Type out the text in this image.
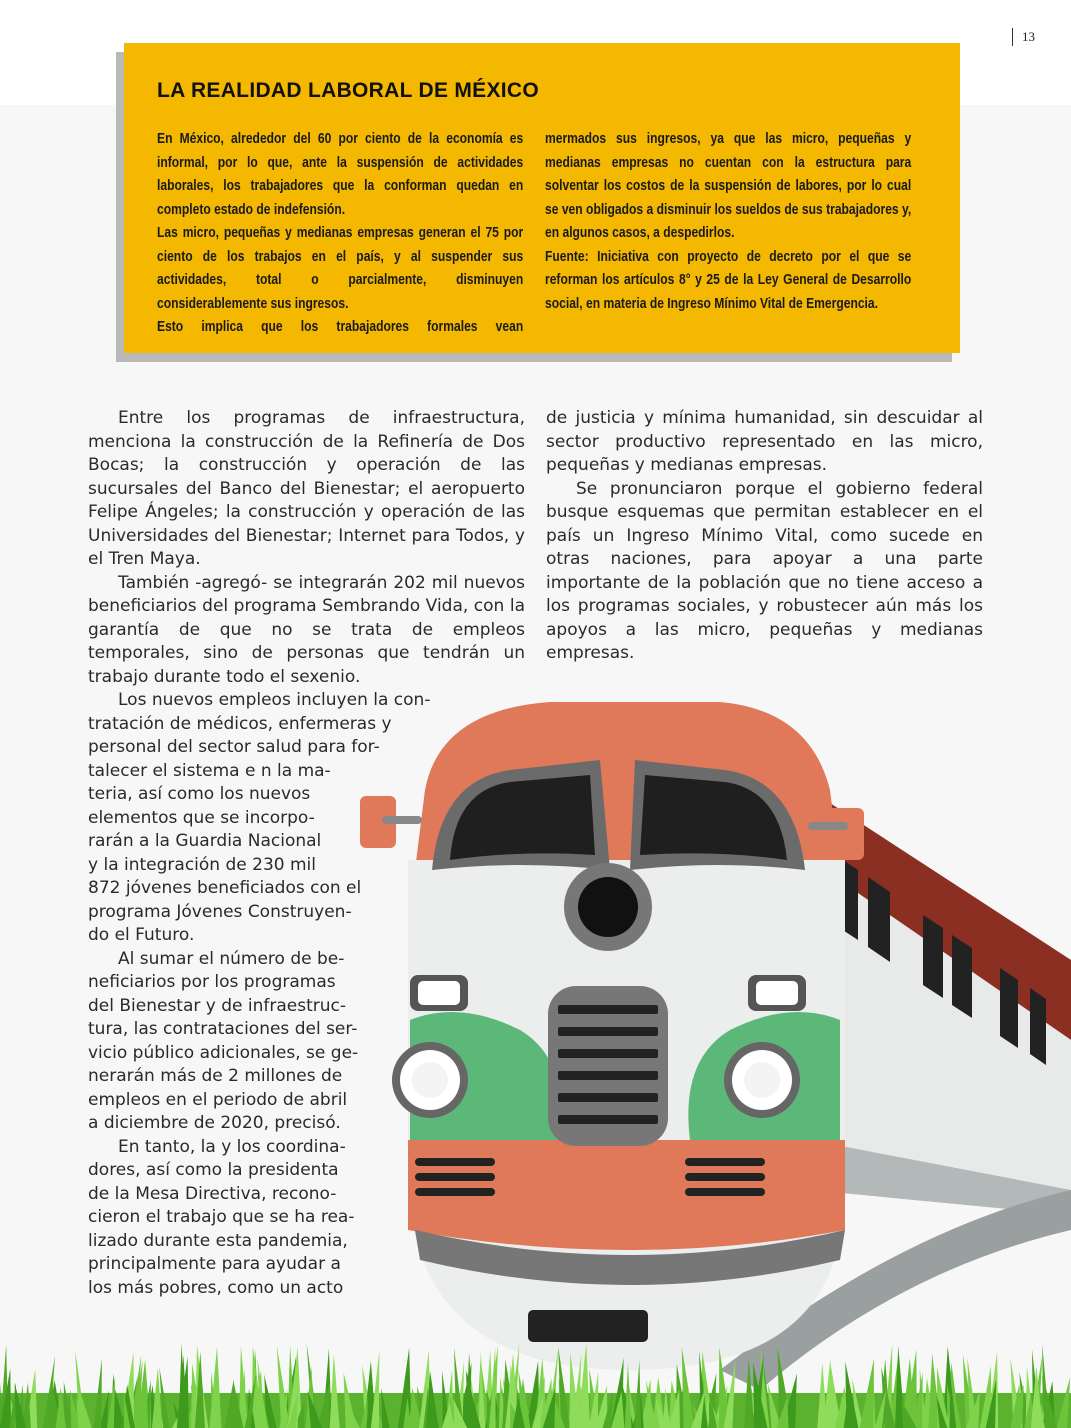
13
LA REALIDAD LABORAL DE MÉXICO

En México, alrededor del 60 por ciento de la economía es informal, por lo que, ante la suspensión de actividades laborales, los trabajadores que la conforman quedan en completo estado de indefensión.

Las micro, pequeñas y medianas empresas generan el 75 por ciento de los trabajos en el país, y al suspender sus actividades, total o parcialmente, disminuyen considerablemente sus ingresos.

Esto implica que los trabajadores formales vean

mermados sus ingresos, ya que las micro, pequeñas y medianas empresas no cuentan con la estructura para solventar los costos de la suspensión de labores, por lo cual se ven obligados a disminuir los sueldos de sus trabajadores y, en algunos casos, a despedirlos.

Fuente: Iniciativa con proyecto de decreto por el que se reforman los artículos 8° y 25 de la Ley General de Desarrollo social, en materia de Ingreso Mínimo Vital de Emergencia.

Entre los programas de infraestructura, menciona la construcción de la Refinería de Dos Bocas; la construcción y operación de las sucursales del Banco del Bienestar; el aeropuerto Felipe Ángeles; la construcción y operación de las Universidades del Bienestar; Internet para Todos, y el Tren Maya.

También -agregó- se integrarán 202 mil nuevos beneficiarios del programa Sembrando Vida, con la garantía de que no se trata de empleos temporales, sino de personas que tendrán un trabajo durante todo el sexenio.

Los nuevos empleos incluyen la con-
tratación de médicos, enfermeras y
personal del sector salud para for-
talecer el sistema e n la ma-
teria, así como los nuevos
elementos que se incorpo-
rarán a la Guardia Nacional
y la integración de 230 mil
872 jóvenes beneficiados con el
programa Jóvenes Construyen-
do el Futuro.

Al sumar el número de be-
neficiarios por los programas
del Bienestar y de infraestruc-
tura, las contrataciones del ser-
vicio público adicionales, se ge-
nerarán más de 2 millones de
empleos en el periodo de abril
a diciembre de 2020, precisó.

En tanto, la y los coordina-
dores, así como la presidenta
de la Mesa Directiva, recono-
cieron el trabajo que se ha rea-
lizado durante esta pandemia,
principalmente para ayudar a
los más pobres, como un acto

de justicia y mínima humanidad, sin descuidar al sector productivo representado en las micro, pequeñas y medianas empresas.

Se pronunciaron porque el gobierno federal busque esquemas que permitan establecer en el país un Ingreso Mínimo Vital, como sucede en otras naciones, para apoyar a una parte importante de la población que no tiene acceso a los programas sociales, y robustecer aún más los apoyos a las micro, pequeñas y medianas empresas.
